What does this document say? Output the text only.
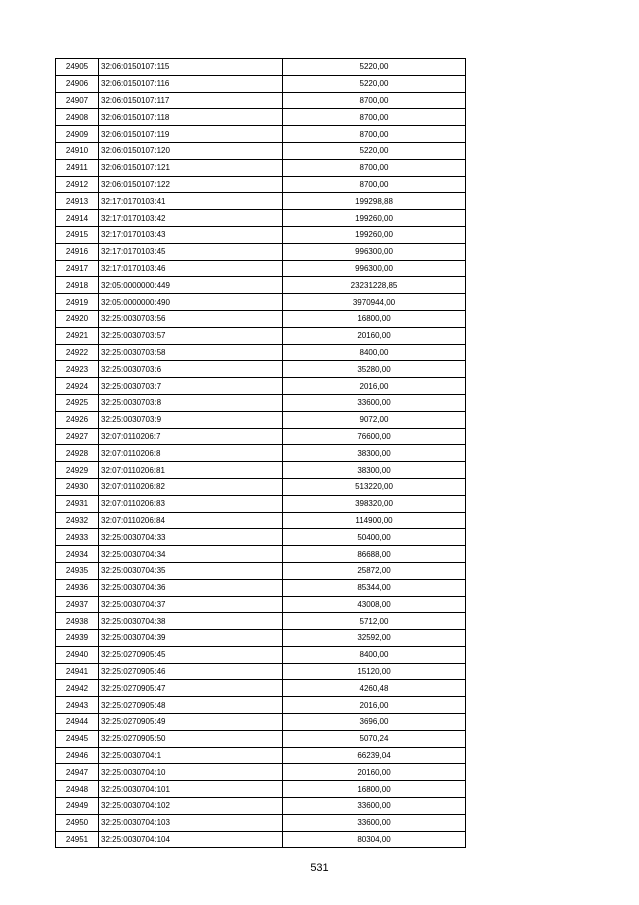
24905	32:06:0150107:115	5220,00
24906	32:06:0150107:116	5220,00
24907	32:06:0150107:117	8700,00
24908	32:06:0150107:118	8700,00
24909	32:06:0150107:119	8700,00
24910	32:06:0150107:120	5220,00
24911	32:06:0150107:121	8700,00
24912	32:06:0150107:122	8700,00
24913	32:17:0170103:41	199298,88
24914	32:17:0170103:42	199260,00
24915	32:17:0170103:43	199260,00
24916	32:17:0170103:45	996300,00
24917	32:17:0170103:46	996300,00
24918	32:05:0000000:449	23231228,85
24919	32:05:0000000:490	3970944,00
24920	32:25:0030703:56	16800,00
24921	32:25:0030703:57	20160,00
24922	32:25:0030703:58	8400,00
24923	32:25:0030703:6	35280,00
24924	32:25:0030703:7	2016,00
24925	32:25:0030703:8	33600,00
24926	32:25:0030703:9	9072,00
24927	32:07:0110206:7	76600,00
24928	32:07:0110206:8	38300,00
24929	32:07:0110206:81	38300,00
24930	32:07:0110206:82	513220,00
24931	32:07:0110206:83	398320,00
24932	32:07:0110206:84	114900,00
24933	32:25:0030704:33	50400,00
24934	32:25:0030704:34	86688,00
24935	32:25:0030704:35	25872,00
24936	32:25:0030704:36	85344,00
24937	32:25:0030704:37	43008,00
24938	32:25:0030704:38	5712,00
24939	32:25:0030704:39	32592,00
24940	32:25:0270905:45	8400,00
24941	32:25:0270905:46	15120,00
24942	32:25:0270905:47	4260,48
24943	32:25:0270905:48	2016,00
24944	32:25:0270905:49	3696,00
24945	32:25:0270905:50	5070,24
24946	32:25:0030704:1	66239,04
24947	32:25:0030704:10	20160,00
24948	32:25:0030704:101	16800,00
24949	32:25:0030704:102	33600,00
24950	32:25:0030704:103	33600,00
24951	32:25:0030704:104	80304,00
531
